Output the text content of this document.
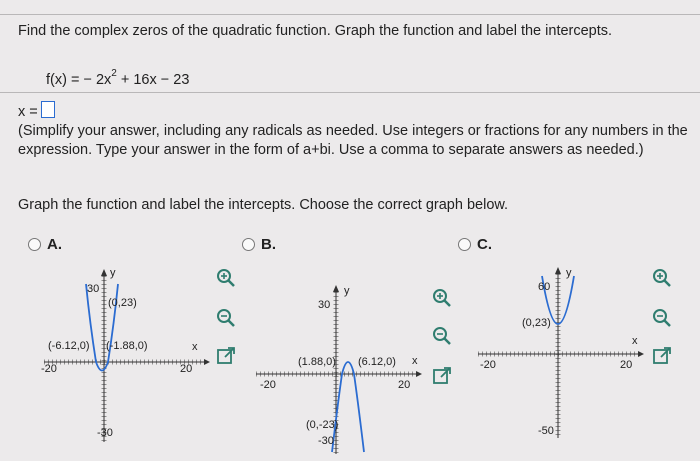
Find the complex zeros of the quadratic function. Graph the function and label the intercepts.
f(x) = − $2x^2 + 16x - 23$
x =
(Simplify your answer, including any radicals as needed. Use integers or fractions for any numbers in the expression. Type your answer in the form of a+bi. Use a comma to separate answers as needed.)
Graph the function and label the intercepts. Choose the correct graph below.
A.	B.	C.
y
x
30
-30
-20	20
(0,23)
(-6.12,0) (-1.88,0)
y
x
30
-30
-20	20
(1.88,0) (6.12,0)
(0,-23)
y
x
60
-50
-20	20
(0,23)
